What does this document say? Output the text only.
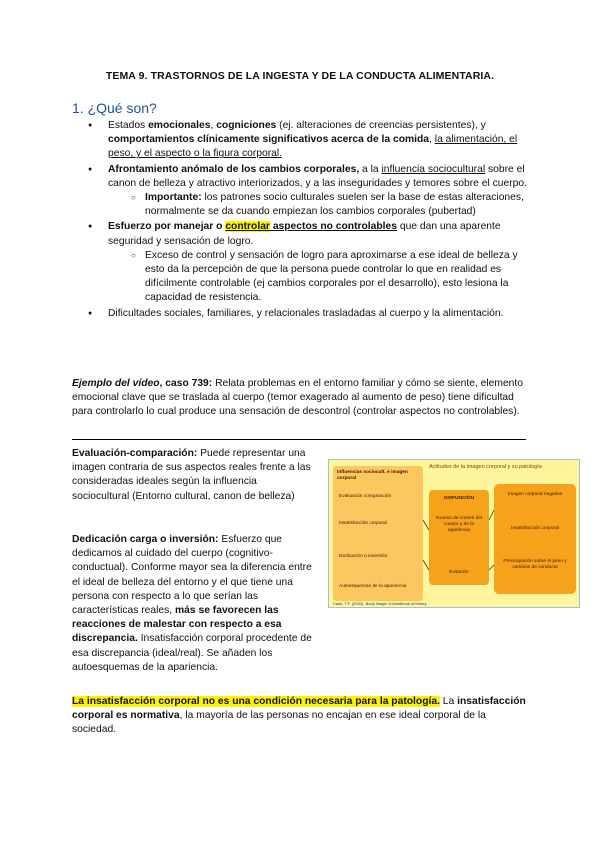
TEMA 9. TRASTORNOS DE LA INGESTA Y DE LA CONDUCTA ALIMENTARIA.
1. ¿Qué son?
● Estados emocionales, cogniciones (ej. alteraciones de creencias persistentes), y comportamientos clínicamente significativos acerca de la comida, la alimentación, el peso, y el aspecto o la figura corporal.
● Afrontamiento anómalo de los cambios corporales, a la influencia sociocultural sobre el canon de belleza y atractivo interiorizados, y a las inseguridades y temores sobre el cuerpo.
○ Importante: los patrones socio culturales suelen ser la base de estas alteraciones, normalmente se da cuando empiezan los cambios corporales (pubertad)
● Esfuerzo por manejar o controlar aspectos no controlables que dan una aparente seguridad y sensación de logro.
○ Exceso de control y sensación de logro para aproximarse a ese ideal de belleza y esto da la percepción de que la persona puede controlar lo que en realidad es difícilmente controlable (ej cambios corporales por el desarrollo), esto lesiona la capacidad de resistencia.
● Dificultades sociales, familiares, y relacionales trasladadas al cuerpo y la alimentación.
Ejemplo del vídeo, caso 739: Relata problemas en el entorno familiar y cómo se siente, elemento emocional clave que se traslada al cuerpo (temor exagerado al aumento de peso) tiene dificultad para controlarlo lo cual produce una sensación de descontrol (controlar aspectos no controlables).
Evaluación-comparación: Puede representar una imagen contraria de sus aspectos reales frente a las consideradas ideales según la influencia sociocultural (Entorno cultural, canon de belleza)
Dedicación carga o inversión: Esfuerzo que dedicamos al cuidado del cuerpo (cognitivo-conductual). Conforme mayor sea la diferencia entre el ideal de belleza del entorno y el que tiene una persona con respecto a lo que serían las características reales, más se favorecen las reacciones de malestar con respecto a esa discrepancia. Insatisfacción corporal procedente de esa discrepancia (ideal/real). Se añaden los autoesquemas de la apariencia.
La insatisfacción corporal no es una condición necesaria para la patología. La insatisfacción corporal es normativa, la mayoría de las personas no encajan en ese ideal corporal de la sociedad.
Influencias sociocult. e imagen corporal
Evaluación comparación
Insatisfacción corporal
Dedicación o inversión
Autoesquemas de la apariencia
Actitudes de la imagen corporal y su patología
DISFUNCIÓN
Exceso de control del cuerpo y de la apariencia
Evitación
Imagen corporal negativa
Insatisfacción corporal
Preocupación sobre el peso y cambios de conducta
Cash, T.F. (2002). Body image: A handbook of theory
